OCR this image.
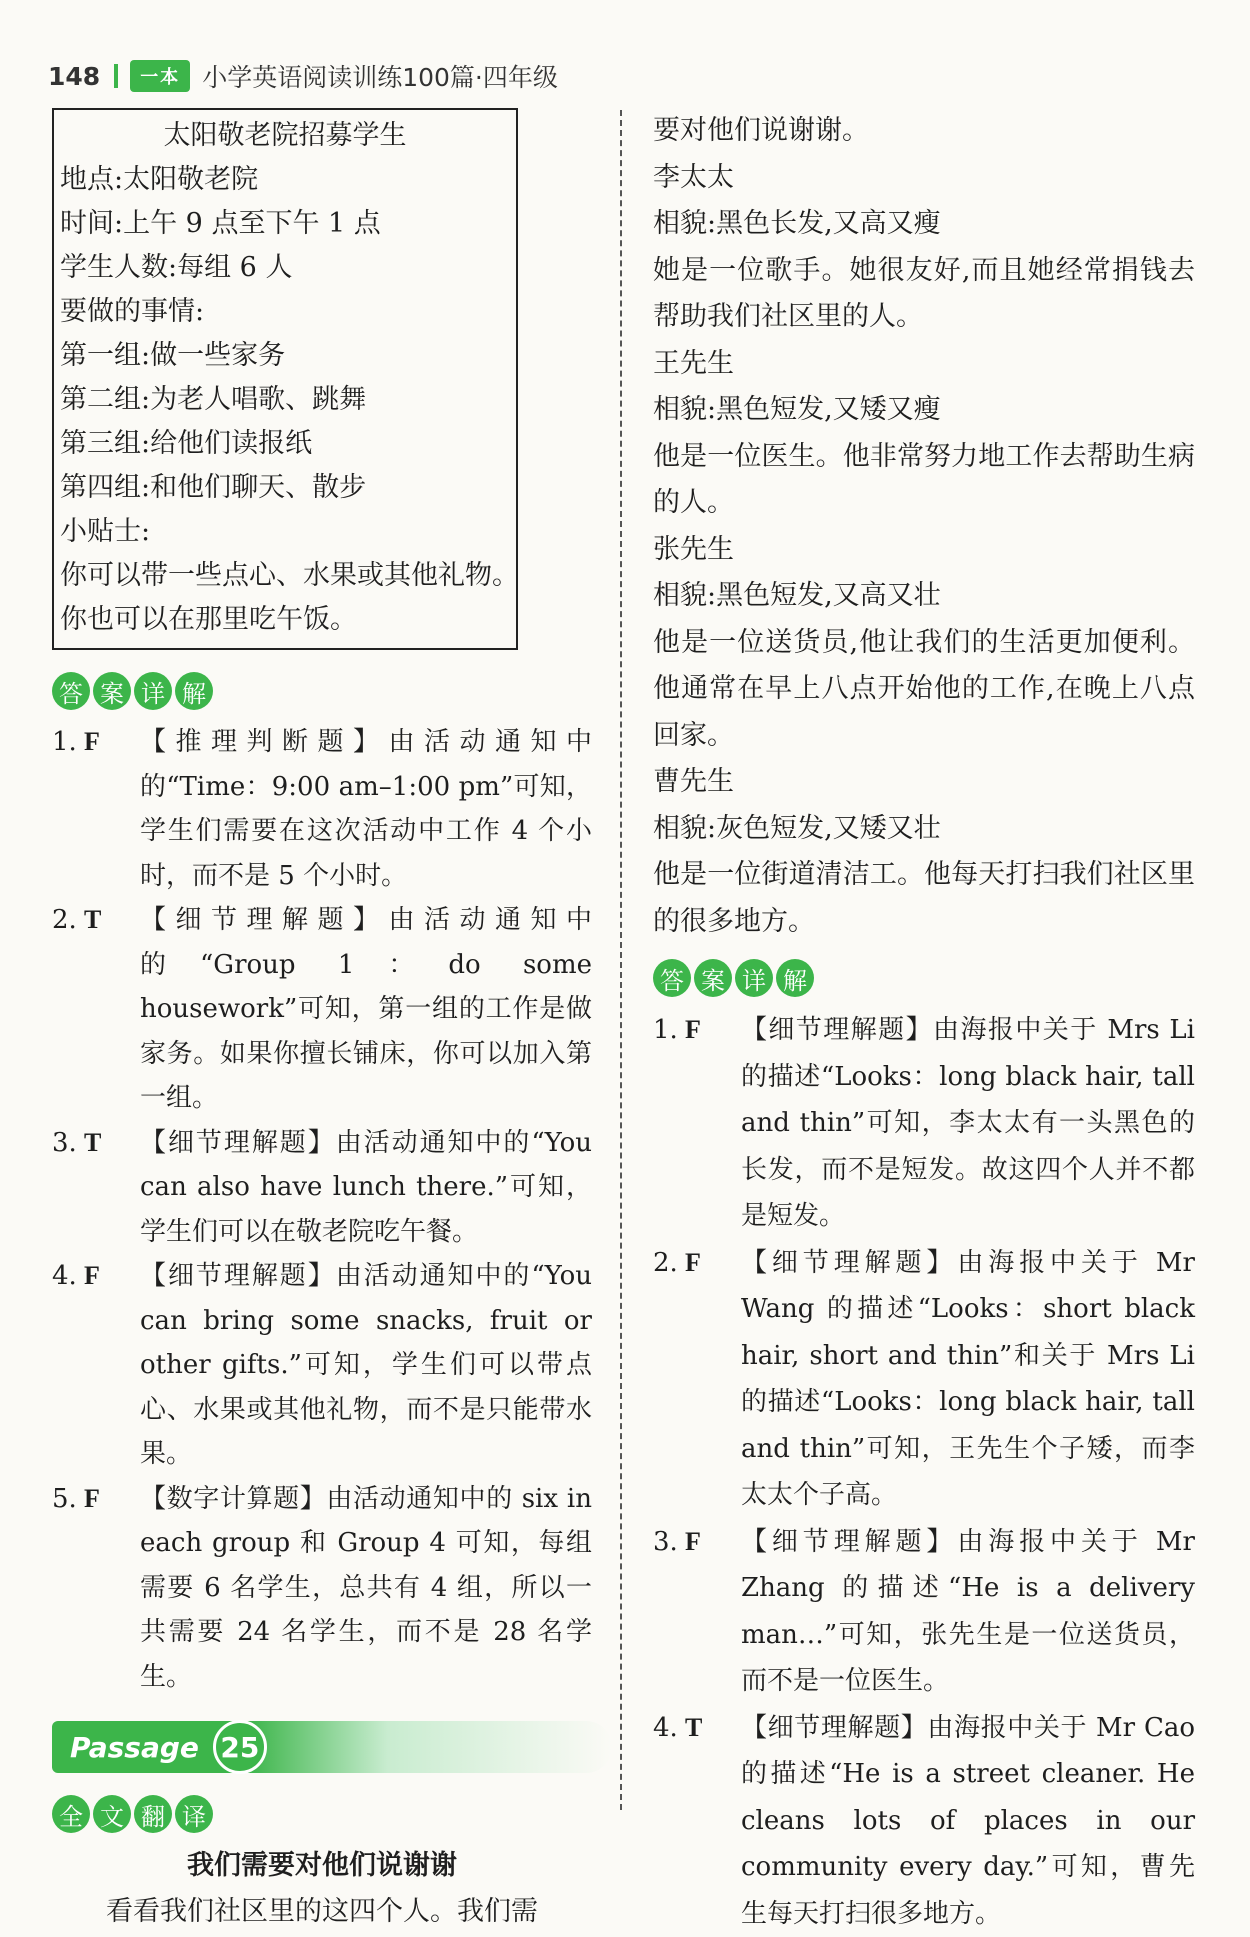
148	一本 小学英语阅读训练100篇·四年级
太阳敬老院招募学生
地点:太阳敬老院
时间:上午 9 点至下午 1 点
学生人数:每组 6 人
要做的事情:
第一组:做一些家务
第二组:为老人唱歌、跳舞
第三组:给他们读报纸
第四组:和他们聊天、散步
小贴士:
你可以带一些点心、水果或其他礼物。
你也可以在那里吃午饭。
答 案 详 解
1. F	【推理判断题】由活动通知中的“Time：9:00 am–1:00 pm”可知，学生们需要在这次活动中工作 4 个小时，而不是 5 个小时。
2. T	【细节理解题】由活动通知中的“Group 1：do some housework”可知，第一组的工作是做家务。如果你擅长铺床，你可以加入第一组。
3. T	【细节理解题】由活动通知中的“You can also have lunch there.”可知，学生们可以在敬老院吃午餐。
4. F	【细节理解题】由活动通知中的“You can bring some snacks, fruit or other gifts.”可知，学生们可以带点心、水果或其他礼物，而不是只能带水果。
5. F	【数字计算题】由活动通知中的 six in each group 和 Group 4 可知，每组需要 6 名学生，总共有 4 组，所以一共需要 24 名学生，而不是 28 名学生。
Passage 25
全 文 翻 译
我们需要对他们说谢谢
看看我们社区里的这四个人。我们需
要对他们说谢谢。
李太太
相貌:黑色长发,又高又瘦
她是一位歌手。她很友好,而且她经常捐钱去帮助我们社区里的人。
王先生
相貌:黑色短发,又矮又瘦
他是一位医生。他非常努力地工作去帮助生病的人。
张先生
相貌:黑色短发,又高又壮
他是一位送货员,他让我们的生活更加便利。他通常在早上八点开始他的工作,在晚上八点回家。
曹先生
相貌:灰色短发,又矮又壮
他是一位街道清洁工。他每天打扫我们社区里的很多地方。
答 案 详 解
1. F	【细节理解题】由海报中关于 Mrs Li 的描述“Looks：long black hair, tall and thin”可知，李太太有一头黑色的长发，而不是短发。故这四个人并不都是短发。
2. F	【细节理解题】由海报中关于 Mr Wang 的描述“Looks：short black hair, short and thin”和关于 Mrs Li 的描述“Looks：long black hair, tall and thin”可知，王先生个子矮，而李太太个子高。
3. F	【细节理解题】由海报中关于 Mr Zhang 的描述“He is a delivery man…”可知，张先生是一位送货员，而不是一位医生。
4. T	【细节理解题】由海报中关于 Mr Cao 的描述“He is a street cleaner. He cleans lots of places in our community every day.”可知，曹先生每天打扫很多地方。
